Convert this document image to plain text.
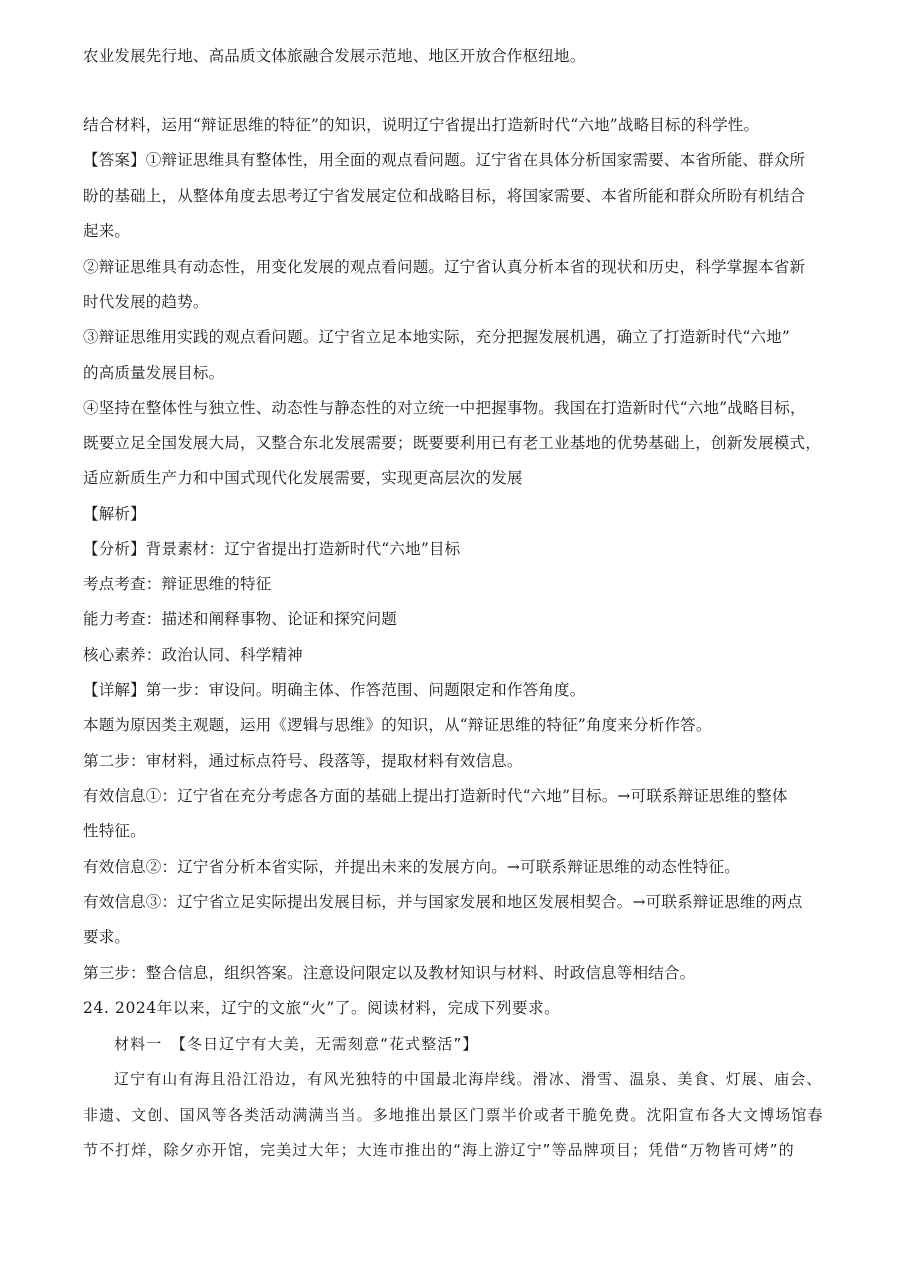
农业发展先行地、高品质文体旅融合发展示范地、地区开放合作枢纽地。
结合材料，运用“辩证思维的特征”的知识，说明辽宁省提出打造新时代“六地”战略目标的科学性。
【答案】①辩证思维具有整体性，用全面的观点看问题。辽宁省在具体分析国家需要、本省所能、群众所
盼的基础上，从整体角度去思考辽宁省发展定位和战略目标，将国家需要、本省所能和群众所盼有机结合
起来。
②辩证思维具有动态性，用变化发展的观点看问题。辽宁省认真分析本省的现状和历史，科学掌握本省新
时代发展的趋势。
③辩证思维用实践的观点看问题。辽宁省立足本地实际，充分把握发展机遇，确立了打造新时代“六地”
的高质量发展目标。
④坚持在整体性与独立性、动态性与静态性的对立统一中把握事物。我国在打造新时代“六地”战略目标，
既要立足全国发展大局，又整合东北发展需要；既要要利用已有老工业基地的优势基础上，创新发展模式，
适应新质生产力和中国式现代化发展需要，实现更高层次的发展
【解析】
【分析】背景素材：辽宁省提出打造新时代“六地”目标
考点考查：辩证思维的特征
能力考查：描述和阐释事物、论证和探究问题
核心素养：政治认同、科学精神
【详解】第一步：审设问。明确主体、作答范围、问题限定和作答角度。
本题为原因类主观题，运用《逻辑与思维》的知识，从“辩证思维的特征”角度来分析作答。
第二步：审材料，通过标点符号、段落等，提取材料有效信息。
有效信息①：辽宁省在充分考虑各方面的基础上提出打造新时代“六地”目标。→可联系辩证思维的整体
性特征。
有效信息②：辽宁省分析本省实际，并提出未来的发展方向。→可联系辩证思维的动态性特征。
有效信息③：辽宁省立足实际提出发展目标，并与国家发展和地区发展相契合。→可联系辩证思维的两点
要求。
第三步：整合信息，组织答案。注意设问限定以及教材知识与材料、时政信息等相结合。
24. 2024年以来，辽宁的文旅“火”了。阅读材料，完成下列要求。
材料一　【冬日辽宁有大美，无需刻意“花式整活”】
辽宁有山有海且沿江沿边，有风光独特的中国最北海岸线。滑冰、滑雪、温泉、美食、灯展、庙会、
非遗、文创、国风等各类活动满满当当。多地推出景区门票半价或者干脆免费。沈阳宣布各大文博场馆春
节不打烊，除夕亦开馆，完美过大年；大连市推出的“海上游辽宁”等品牌项目；凭借“万物皆可烤”的
